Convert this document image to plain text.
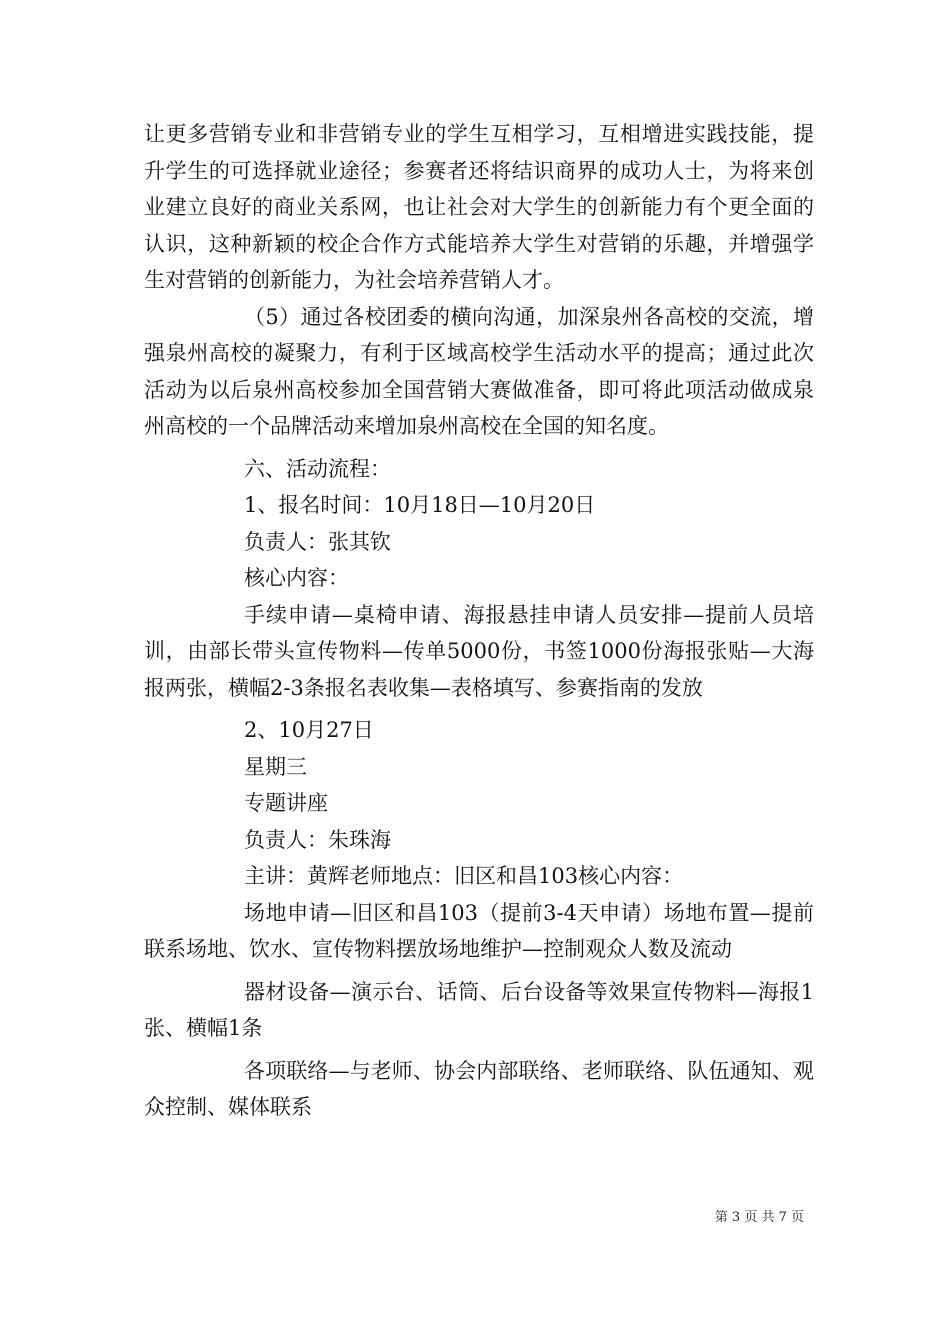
让更多营销专业和非营销专业的学生互相学习，互相增进实践技能，提升学生的可选择就业途径；参赛者还将结识商界的成功人士，为将来创业建立良好的商业关系网，也让社会对大学生的创新能力有个更全面的认识，这种新颖的校企合作方式能培养大学生对营销的乐趣，并增强学生对营销的创新能力，为社会培养营销人才。

（5）通过各校团委的横向沟通，加深泉州各高校的交流，增强泉州高校的凝聚力，有利于区域高校学生活动水平的提高；通过此次活动为以后泉州高校参加全国营销大赛做准备，即可将此项活动做成泉州高校的一个品牌活动来增加泉州高校在全国的知名度。

六、活动流程：

1、报名时间：10月18日—10月20日

负责人：张其钦

核心内容：

手续申请—桌椅申请、海报悬挂申请人员安排—提前人员培训，由部长带头宣传物料—传单5000份，书签1000份海报张贴—大海报两张，横幅2-3条报名表收集—表格填写、参赛指南的发放

2、10月27日

星期三

专题讲座

负责人：朱珠海

主讲：黄辉老师地点：旧区和昌103核心内容：

场地申请—旧区和昌103（提前3-4天申请）场地布置—提前联系场地、饮水、宣传物料摆放场地维护—控制观众人数及流动

器材设备—演示台、话筒、后台设备等效果宣传物料—海报1张、横幅1条

各项联络—与老师、协会内部联络、老师联络、队伍通知、观众控制、媒体联系

第 3 页 共 7 页
